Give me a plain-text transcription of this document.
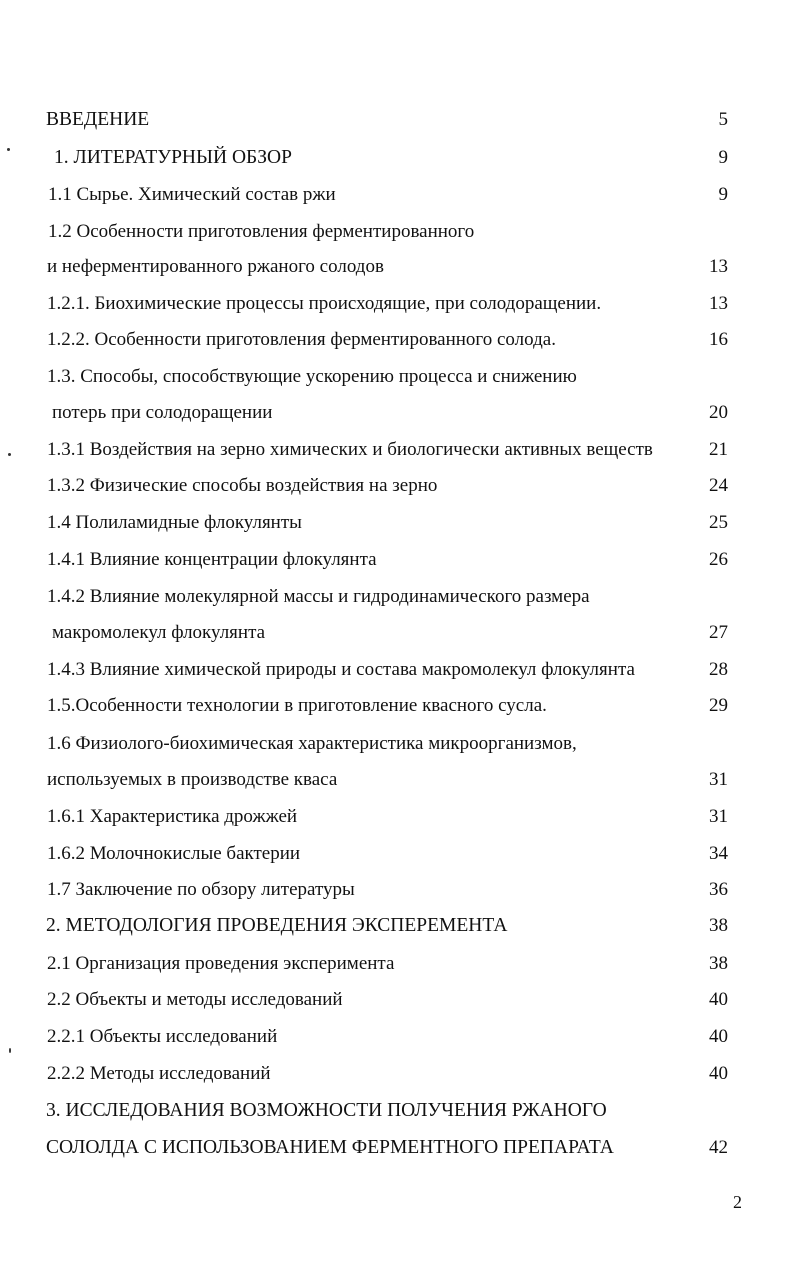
ВВЕДЕНИЕ	5
1. ЛИТЕРАТУРНЫЙ ОБЗОР	9
1.1 Сырье. Химический состав ржи	9
1.2 Особенности приготовления ферментированного
и неферментированного ржаного солодов	13
1.2.1. Биохимические процессы происходящие, при солодоращении.	13
1.2.2. Особенности приготовления ферментированного солода.	16
1.3. Способы, способствующие ускорению процесса и снижению
потерь при солодоращении	20
1.3.1 Воздействия на зерно химических и биологически активных веществ	21
1.3.2 Физические способы воздействия на зерно	24
1.4 Полиламидные флокулянты	25
1.4.1 Влияние концентрации флокулянта	26
1.4.2 Влияние молекулярной массы и гидродинамического размера
макромолекул флокулянта	27
1.4.3 Влияние химической природы и состава макромолекул флокулянта	28
1.5.Особенности технологии в приготовление квасного сусла.	29
1.6 Физиолого-биохимическая характеристика микроорганизмов,
используемых в производстве кваса	31
1.6.1 Характеристика дрожжей	31
1.6.2 Молочнокислые бактерии	34
1.7 Заключение по обзору литературы	36
2. МЕТОДОЛОГИЯ ПРОВЕДЕНИЯ ЭКСПЕРЕМЕНТА	38
2.1 Организация проведения эксперимента	38
2.2 Объекты и методы исследований	40
2.2.1 Объекты исследований	40
2.2.2 Методы исследований	40
3. ИССЛЕДОВАНИЯ ВОЗМОЖНОСТИ ПОЛУЧЕНИЯ РЖАНОГО
СОЛОЛДА С ИСПОЛЬЗОВАНИЕМ ФЕРМЕНТНОГО ПРЕПАРАТА	42
2
